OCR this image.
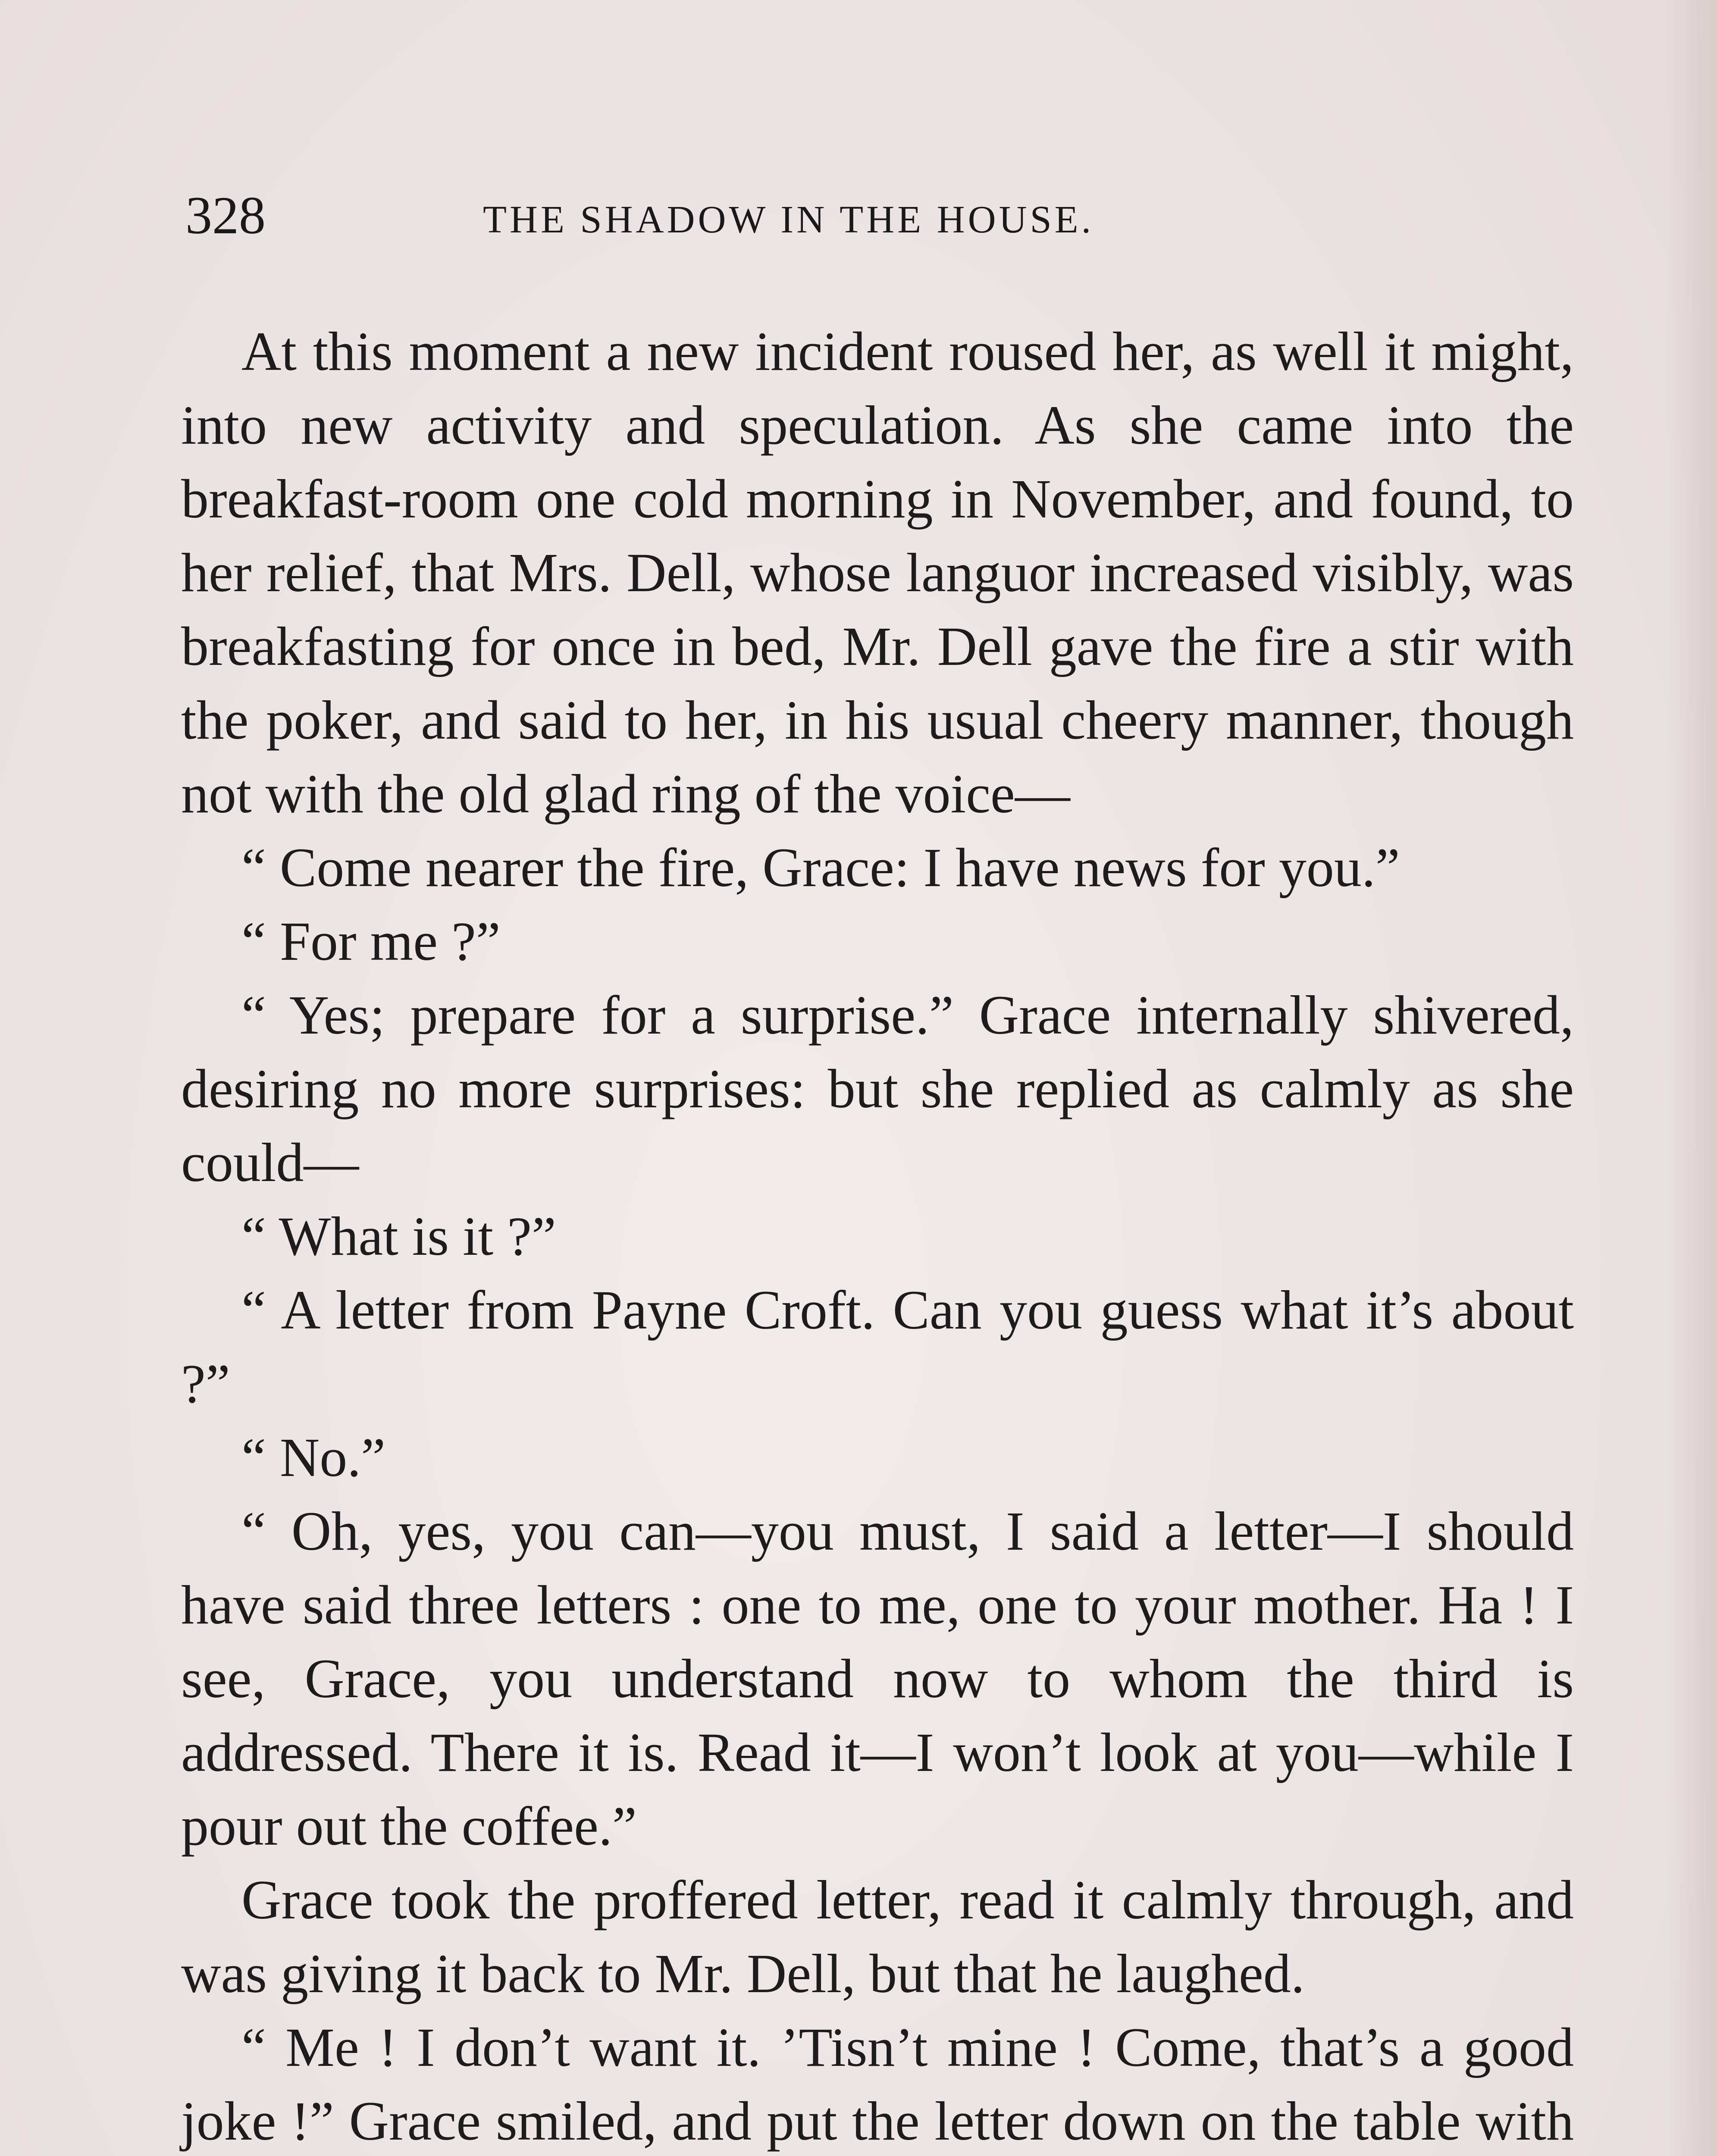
328	THE SHADOW IN THE HOUSE.

At this moment a new incident roused her, as well it might, into new activity and speculation. As she came into the breakfast-room one cold morning in November, and found, to her relief, that Mrs. Dell, whose languor increased visibly, was breakfasting for once in bed, Mr. Dell gave the fire a stir with the poker, and said to her, in his usual cheery manner, though not with the old glad ring of the voice—

“ Come nearer the fire, Grace: I have news for you.”

“ For me ?”

“ Yes; prepare for a surprise.” Grace internally shivered, desiring no more surprises: but she replied as calmly as she could—

“ What is it ?”

“ A letter from Payne Croft. Can you guess what it’s about ?”

“ No.”

“ Oh, yes, you can—you must, I said a letter—I should have said three letters : one to me, one to your mother. Ha ! I see, Grace, you understand now to whom the third is addressed. There it is. Read it—I won’t look at you—while I pour out the coffee.”

Grace took the proffered letter, read it calmly through, and was giving it back to Mr. Dell, but that he laughed.

“ Me ! I don’t want it. ’Tisn’t mine ! Come, that’s a good joke !” Grace smiled, and put the letter down on the table with
